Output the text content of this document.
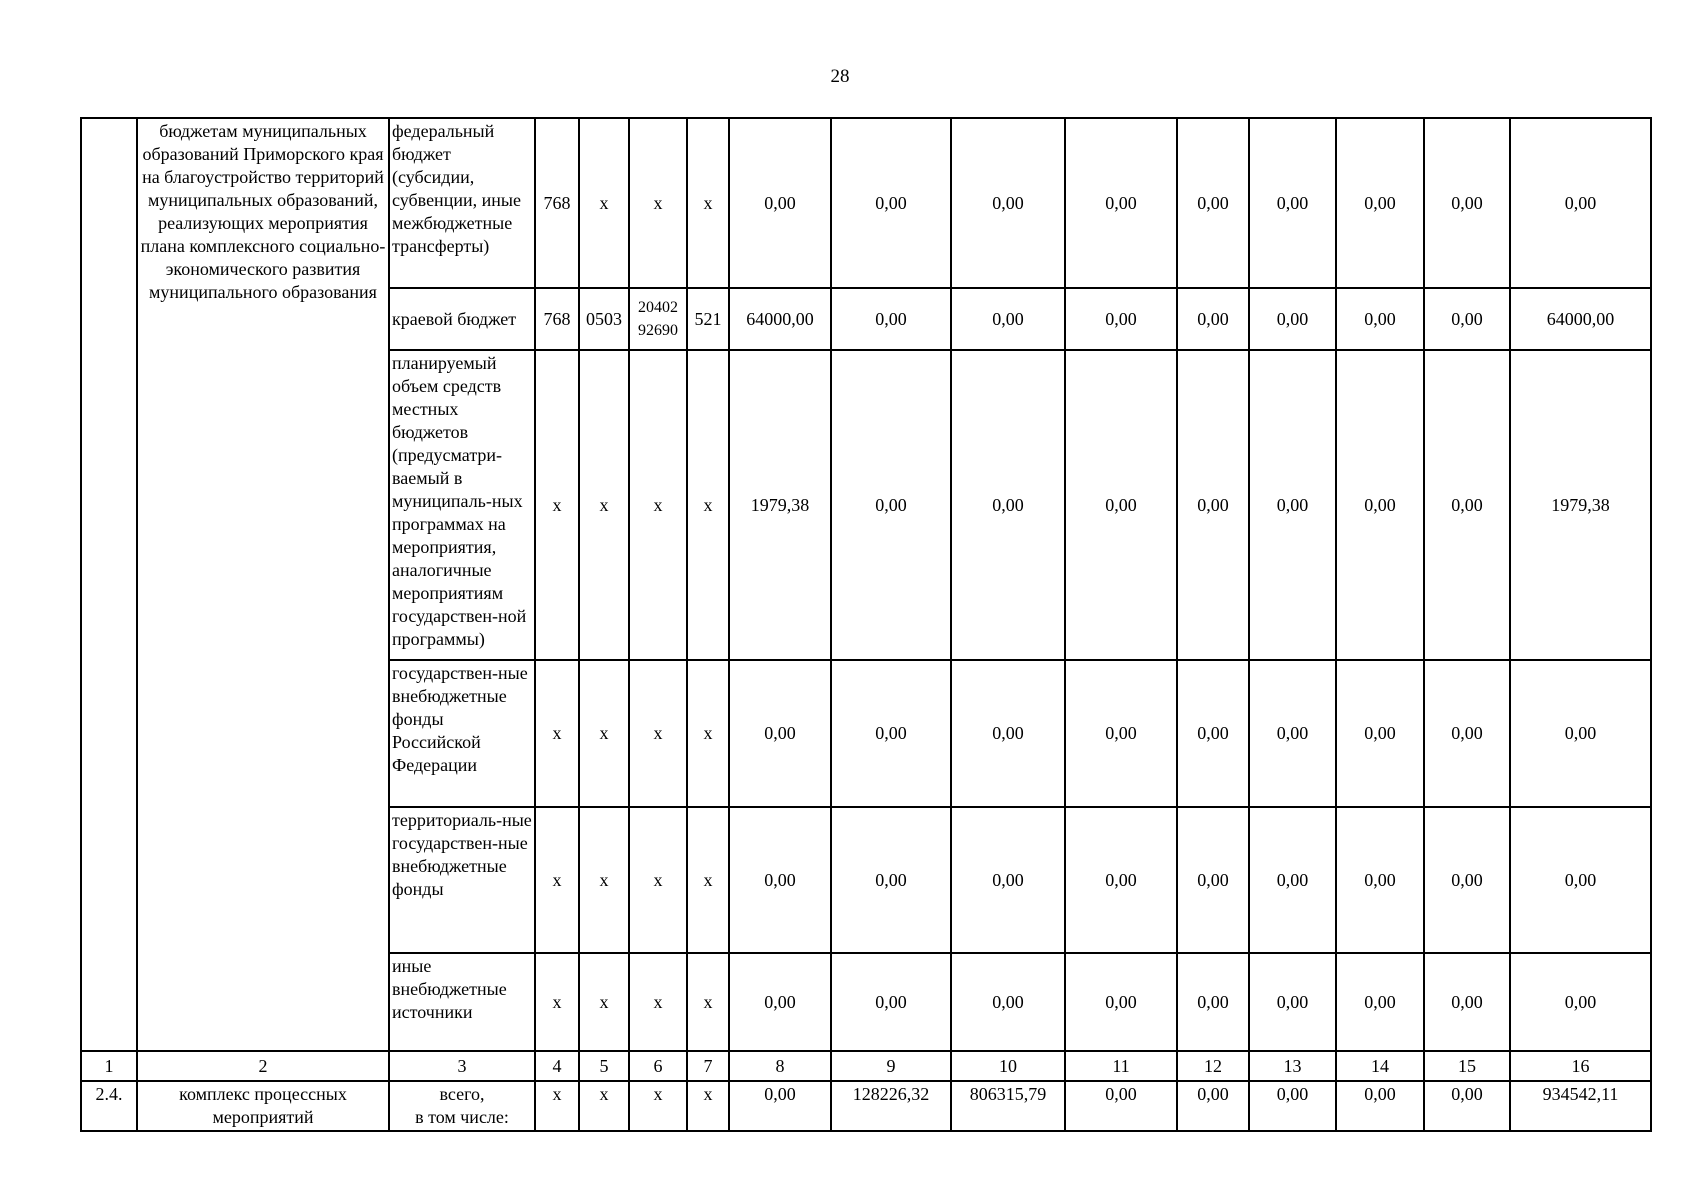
28
	бюджетам муниципальных образований Приморского края на благоустройство территорий муниципальных образований, реализующих мероприятия плана комплексного социально-экономического развития муниципального образования	федеральный бюджет (субсидии, субвенции, иные межбюджетные трансферты)	768	х	х	х	0,00	0,00	0,00	0,00	0,00	0,00	0,00	0,00	0,00
		краевой бюджет	768	0503	20402
92690	521	64000,00	0,00	0,00	0,00	0,00	0,00	0,00	0,00	64000,00
		планируемый объем средств местных бюджетов (предусматри-ваемый в муниципаль-ных программах на мероприятия, аналогичные мероприятиям государствен-ной программы)	х	х	х	х	1979,38	0,00	0,00	0,00	0,00	0,00	0,00	0,00	1979,38
		государствен-ные внебюджетные фонды Российской Федерации	х	х	х	х	0,00	0,00	0,00	0,00	0,00	0,00	0,00	0,00	0,00
		территориаль-ные государствен-ные внебюджетные фонды	х	х	х	х	0,00	0,00	0,00	0,00	0,00	0,00	0,00	0,00	0,00
		иные внебюджетные источники	х	х	х	х	0,00	0,00	0,00	0,00	0,00	0,00	0,00	0,00	0,00
1	2	3	4	5	6	7	8	9	10	11	12	13	14	15	16
2.4.	комплекс процессных мероприятий	всего,
в том числе:	х	х	х	х	0,00	128226,32	806315,79	0,00	0,00	0,00	0,00	0,00	934542,11
